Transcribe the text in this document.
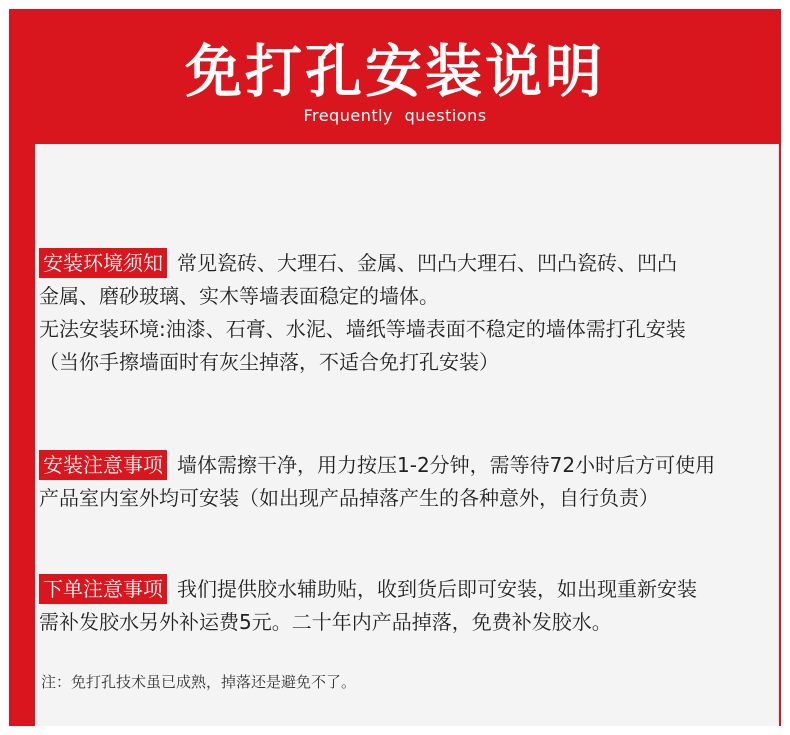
免打孔安装说明
Frequently questions

安装环境须知 常见瓷砖、大理石、金属、凹凸大理石、凹凸瓷砖、凹凸

金属、磨砂玻璃、实木等墙表面稳定的墙体。

无法安装环境:油漆、石膏、水泥、墙纸等墙表面不稳定的墙体需打孔安装

（当你手擦墙面时有灰尘掉落，不适合免打孔安装）

安装注意事项 墙体需擦干净，用力按压1-2分钟，需等待72小时后方可使用

产品室内室外均可安装（如出现产品掉落产生的各种意外，自行负责）

下单注意事项 我们提供胶水辅助贴，收到货后即可安装，如出现重新安装

需补发胶水另外补运费5元。二十年内产品掉落，免费补发胶水。

注：免打孔技术虽已成熟，掉落还是避免不了。
